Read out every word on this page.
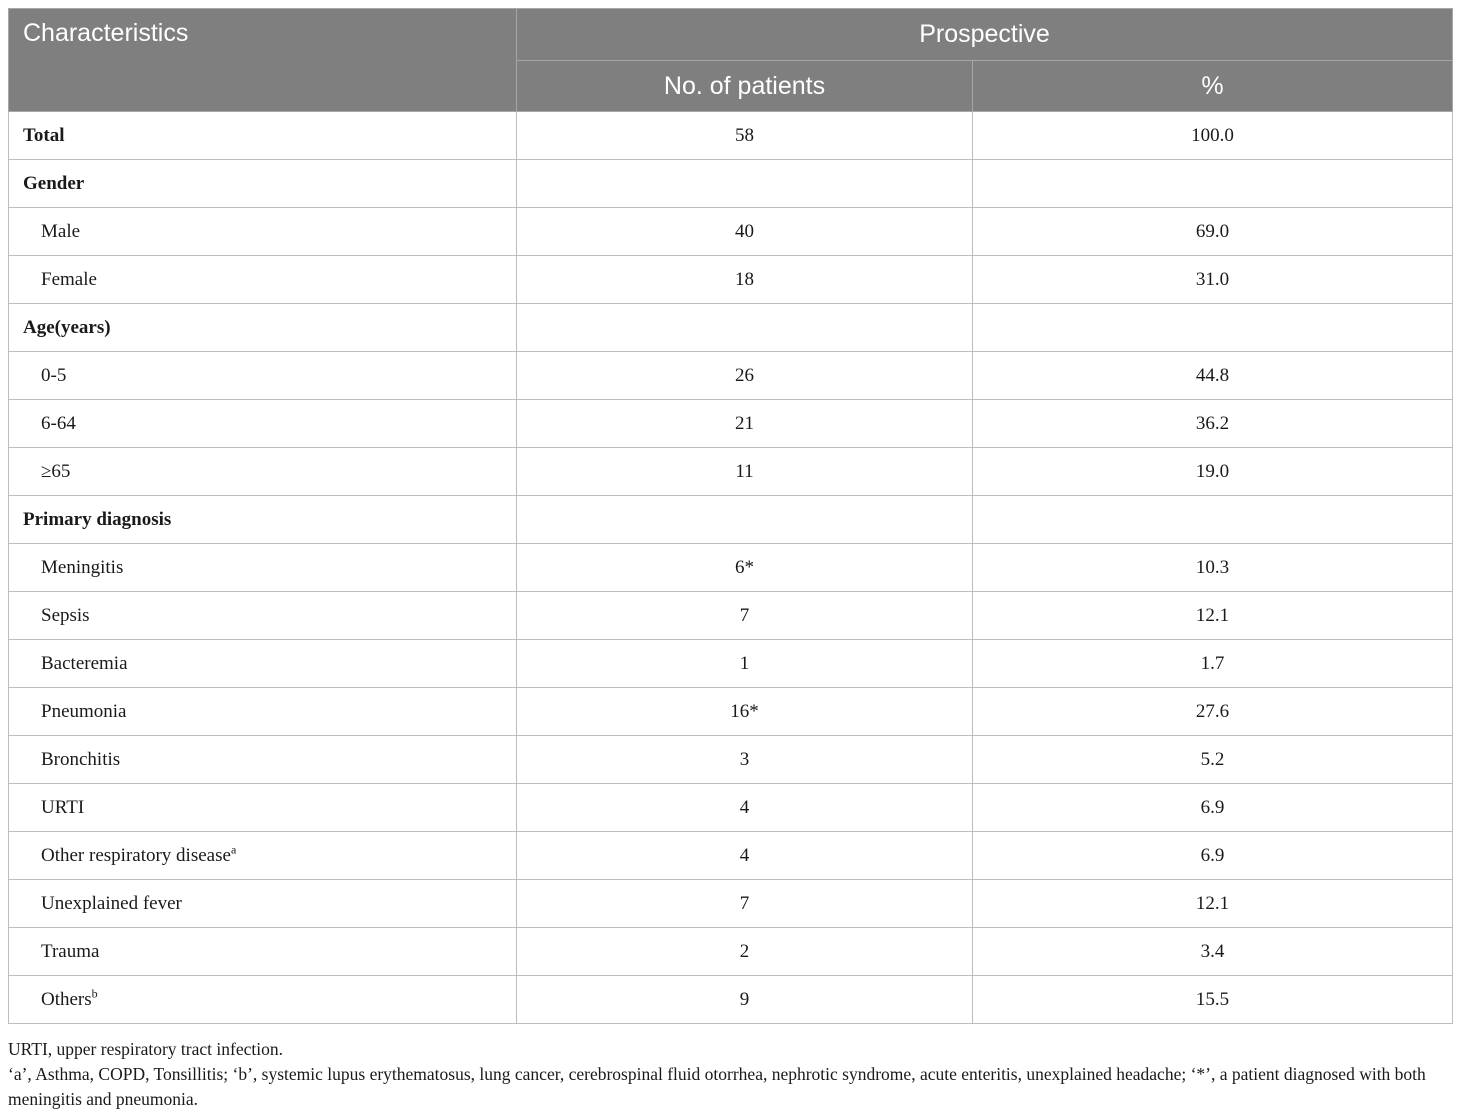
Characteristics	Prospective	
	No. of patients	%
Total	58	100.0
Gender		
Male	40	69.0
Female	18	31.0
Age(years)		
0-5	26	44.8
6-64	21	36.2
≥65	11	19.0
Primary diagnosis		
Meningitis	6*	10.3
Sepsis	7	12.1
Bacteremia	1	1.7
Pneumonia	16*	27.6
Bronchitis	3	5.2
URTI	4	6.9
Other respiratory disease$^a$	4	6.9
Unexplained fever	7	12.1
Trauma	2	3.4
Others$^b$	9	15.5

URTI, upper respiratory tract infection.

‘a’, Asthma, COPD, Tonsillitis; ‘b’, systemic lupus erythematosus, lung cancer, cerebrospinal fluid otorrhea, nephrotic syndrome, acute enteritis, unexplained headache; ‘*’, a patient diagnosed with both meningitis and pneumonia.
